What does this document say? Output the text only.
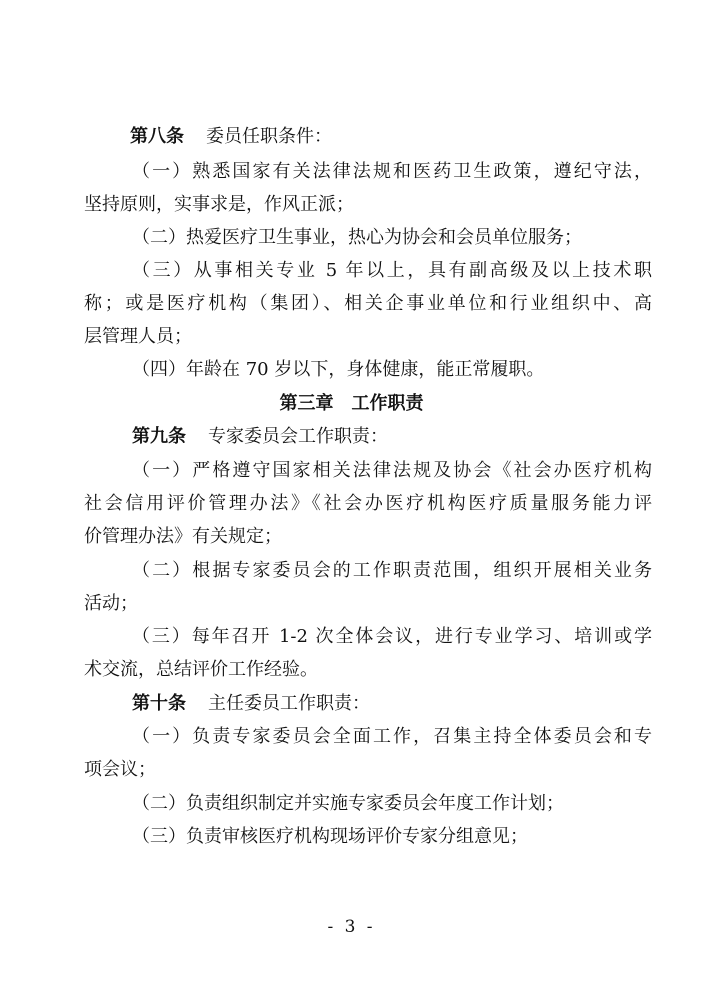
第八条 委员任职条件：
（一）熟悉国家有关法律法规和医药卫生政策，遵纪守法，
坚持原则，实事求是，作风正派；
（二）热爱医疗卫生事业，热心为协会和会员单位服务；
（三）从事相关专业 5 年以上，具有副高级及以上技术职
称；或是医疗机构（集团）、相关企事业单位和行业组织中、高
层管理人员；
（四）年龄在 70 岁以下，身体健康，能正常履职。
第三章 工作职责
第九条 专家委员会工作职责：
（一）严格遵守国家相关法律法规及协会《社会办医疗机构
社会信用评价管理办法》《社会办医疗机构医疗质量服务能力评
价管理办法》有关规定；
（二）根据专家委员会的工作职责范围，组织开展相关业务
活动；
（三）每年召开 1-2 次全体会议，进行专业学习、培训或学
术交流，总结评价工作经验。
第十条 主任委员工作职责：
（一）负责专家委员会全面工作，召集主持全体委员会和专
项会议；
（二）负责组织制定并实施专家委员会年度工作计划；
（三）负责审核医疗机构现场评价专家分组意见；
- 3 -
